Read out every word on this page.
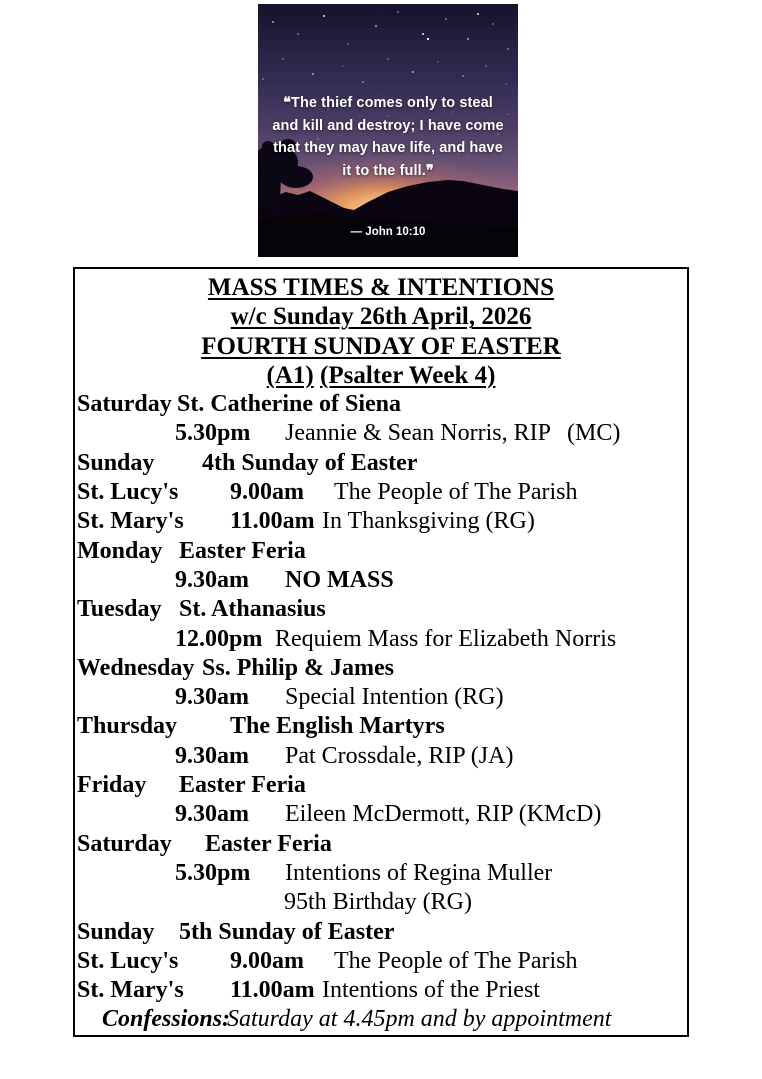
❝The thief comes only to steal
and kill and destroy; I have come
that they may have life, and have
it to the full.❞
— John 10:10
MASS TIMES & INTENTIONS
w/c Sunday 26th April, 2026
FOURTH SUNDAY OF EASTER
(A1) (Psalter Week 4)
Saturday St. Catherine of Siena
5.30pm Jeannie & Sean Norris, RIP (MC)
Sunday 4th Sunday of Easter
St. Lucy's 9.00am The People of The Parish
St. Mary's 11.00am In Thanksgiving (RG)
Monday Easter Feria
9.30am NO MASS
Tuesday St. Athanasius
12.00pm Requiem Mass for Elizabeth Norris
Wednesday Ss. Philip & James
9.30am Special Intention (RG)
Thursday The English Martyrs
9.30am Pat Crossdale, RIP (JA)
Friday Easter Feria
9.30am Eileen McDermott, RIP (KMcD)
Saturday Easter Feria
5.30pm Intentions of Regina Muller
95th Birthday (RG)
Sunday 5th Sunday of Easter
St. Lucy's 9.00am The People of The Parish
St. Mary's 11.00am Intentions of the Priest
Confessions:
Saturday at 4.45pm and by appointment
